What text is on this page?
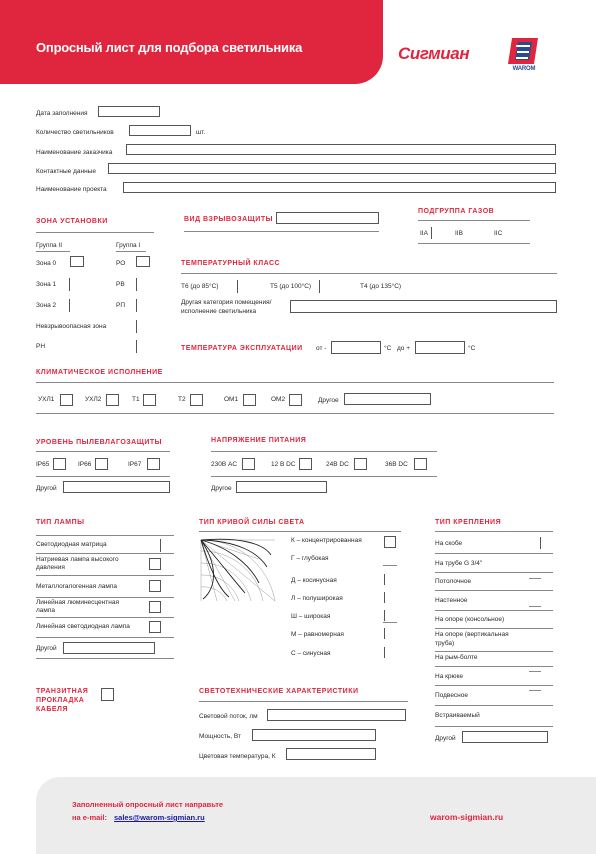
Опросный лист для подбора светильника	Сигмиан
WAROM
Дата заполнения
Количество светильников	шт.
Наименование заказчика
Контактные данные
Наименование проекта
ЗОНА УСТАНОВКИ
Группа II	Группа I
Зона 0	РО
Зона 1	РВ
Зона 2	РП
Невзрывоопасная зона
РН
ВИД ВЗРЫВОЗАЩИТЫ
ПОДГРУППА ГАЗОВ
IIA	IIB	IIC
ТЕМПЕРАТУРНЫЙ КЛАСС
Т6 (до 85°С)	Т5 (до 100°С)	Т4 (до 135°С)
Другая категория помещения/
исполнение светильника
ТЕМПЕРАТУРА ЭКСПЛУАТАЦИИ от -	°С до +	°С
КЛИМАТИЧЕСКОЕ ИСПОЛНЕНИЕ
УХЛ1	УХЛ2	Т1	Т2	ОМ1	ОМ2	Другое
УРОВЕНЬ ПЫЛЕВЛАГОЗАЩИТЫ
IP65	IP66	IP67
Другой
НАПРЯЖЕНИЕ ПИТАНИЯ
230В AC	12 В DC	24В DC	36В DC
Другое
ТИП ЛАМПЫ
Светодиодная матрица
Натриевая лампа высокого
давления
Металлогалогенная лампа
Линейная люминесцентная
лампа
Линейная светодиодная лампа
Другой
ТИП КРИВОЙ СИЛЫ СВЕТА
К – концентрированная
Г – глубокая
Д – косинусная
Л – полуширокая
Ш – широкая
М – равномерная
С – синусная
ТИП КРЕПЛЕНИЯ
На скобе
На трубе G 3/4"
Потолочное
Настенное
На опоре (консольное)
На опоре (вертикальная
труба)
На рым-болте
На крюке
Подвесное
Встраиваемый
Другой
ТРАНЗИТНАЯ
ПРОКЛАДКА
КАБЕЛЯ
СВЕТОТЕХНИЧЕСКИЕ ХАРАКТЕРИСТИКИ
Световой поток, лм
Мощность, Вт
Цветовая температура, К
Заполненный опросный лист направьте
на e-mail: sales@warom-sigmian.ru	warom-sigmian.ru
